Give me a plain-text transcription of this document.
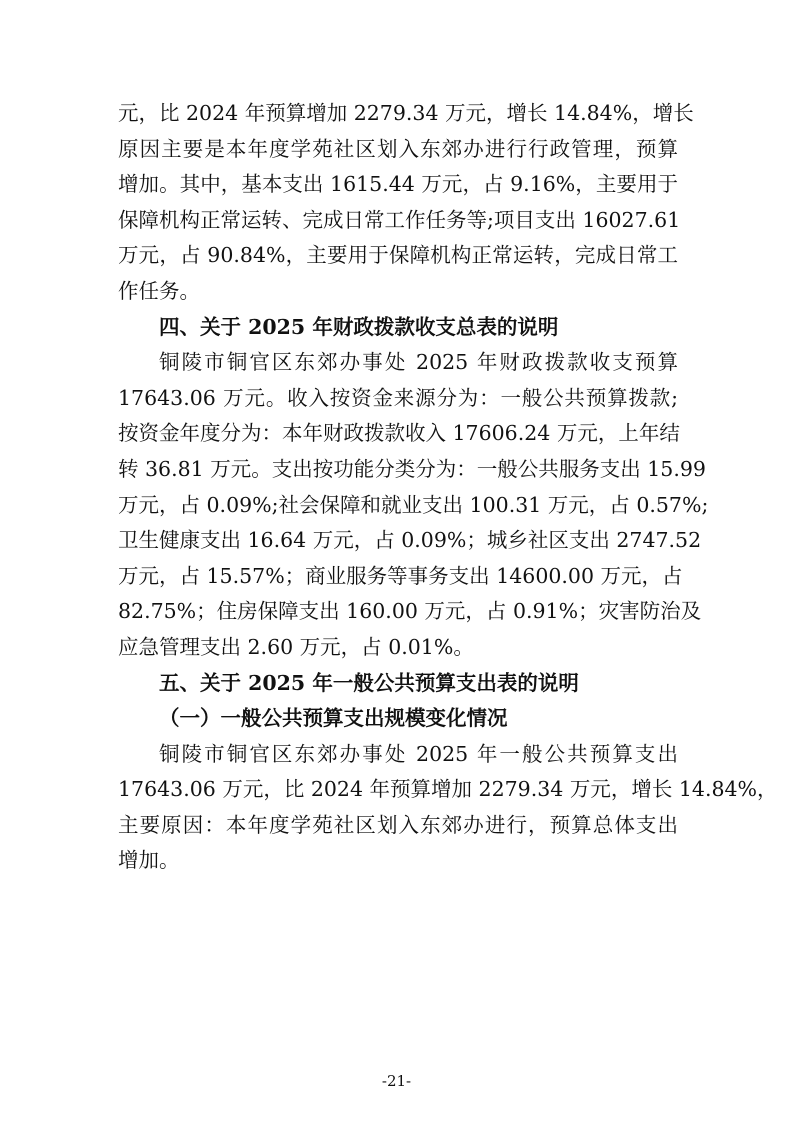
元，比 2024 年预算增加 2279.34 万元，增长 14.84%，增长

原因主要是本年度学苑社区划入东郊办进行行政管理，预算

增加。其中，基本支出 1615.44 万元，占 9.16%，主要用于

保障机构正常运转、完成日常工作任务等;项目支出 16027.61

万元，占 90.84%，主要用于保障机构正常运转，完成日常工

作任务。

四、关于 2025 年财政拨款收支总表的说明

铜陵市铜官区东郊办事处 2025 年财政拨款收支预算

17643.06 万元。收入按资金来源分为：一般公共预算拨款;

按资金年度分为：本年财政拨款收入 17606.24 万元，上年结

转 36.81 万元。支出按功能分类分为：一般公共服务支出 15.99

万元，占 0.09%;社会保障和就业支出 100.31 万元，占 0.57%;

卫生健康支出 16.64 万元，占 0.09%；城乡社区支出 2747.52

万元，占 15.57%；商业服务等事务支出 14600.00 万元，占

82.75%；住房保障支出 160.00 万元，占 0.91%；灾害防治及

应急管理支出 2.60 万元，占 0.01%。

五、关于 2025 年一般公共预算支出表的说明

（一）一般公共预算支出规模变化情况

铜陵市铜官区东郊办事处 2025 年一般公共预算支出

17643.06 万元，比 2024 年预算增加 2279.34 万元，增长 14.84%，

主要原因：本年度学苑社区划入东郊办进行，预算总体支出

增加。

-21-
